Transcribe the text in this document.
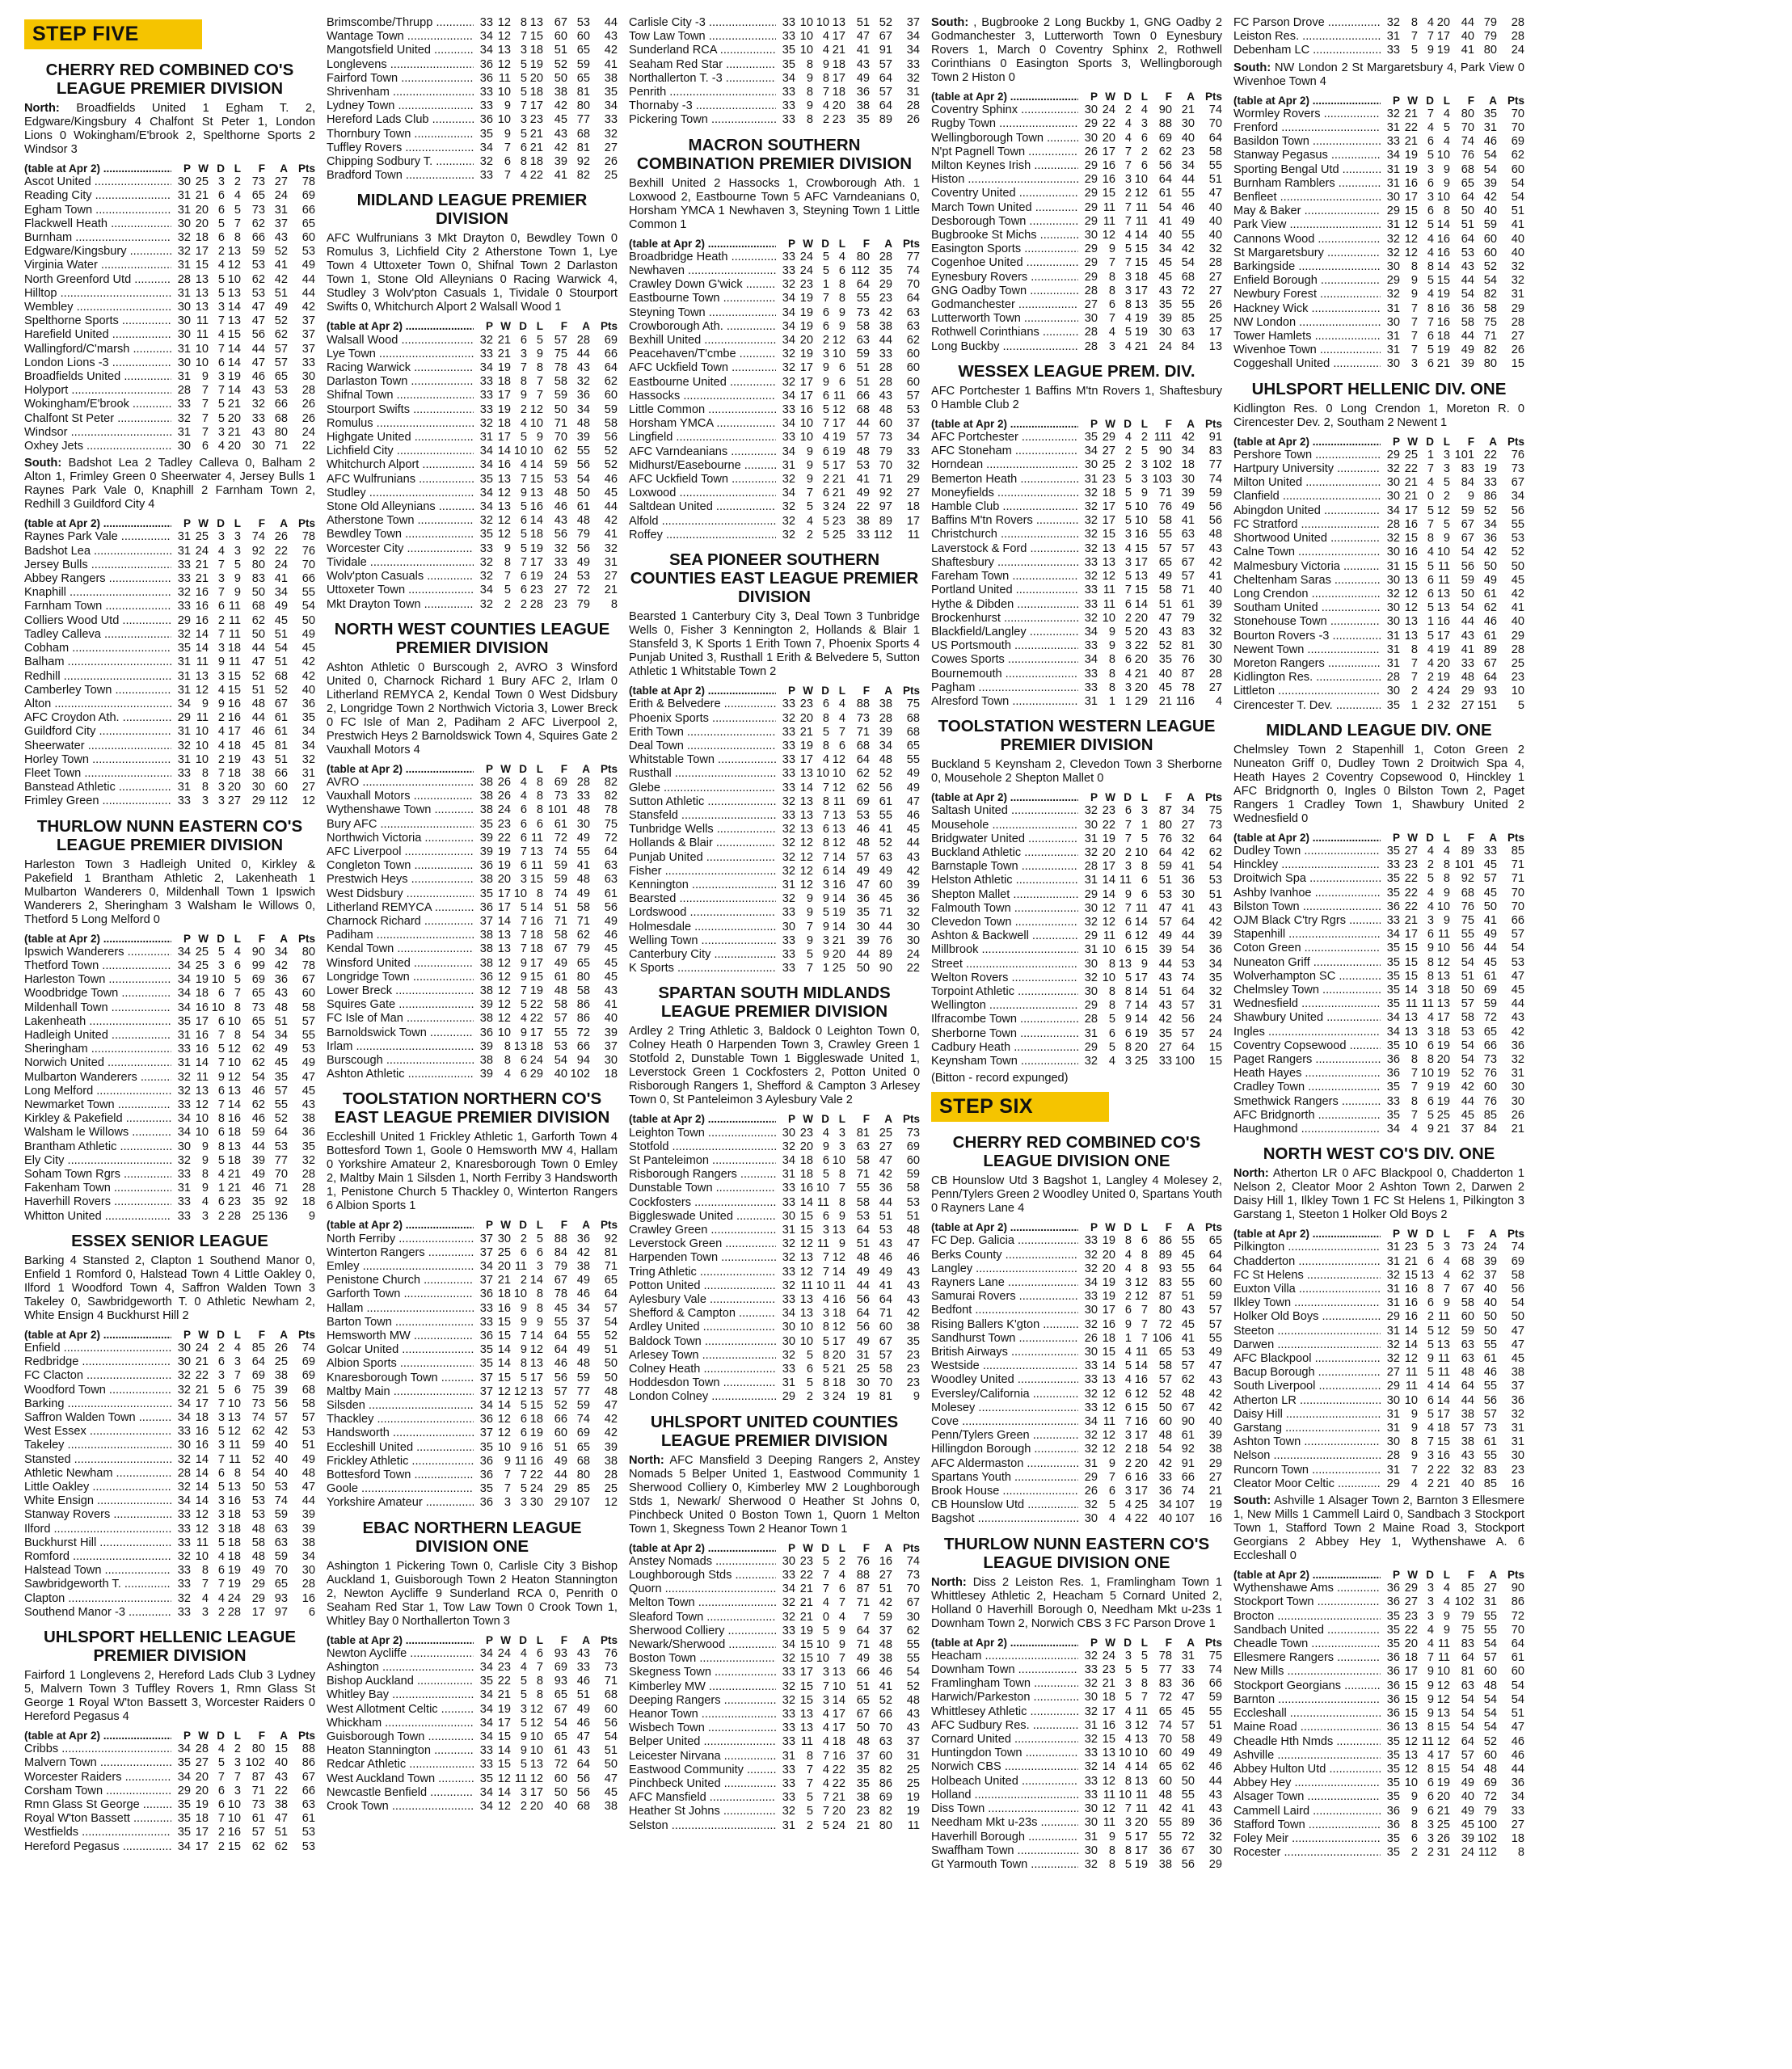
STEP FIVE
CHERRY RED COMBINED CO'S LEAGUE PREMIER DIVISION
North: Broadfields United 1 Egham T. 2, Edgware/Kingsbury 4 Chalfont St Peter 1, London Lions 0 Wokingham/E'brook 2, Spelthorne Sports 2 Windsor 3
(table at Apr 2) .....	P W D L	F	A Pts
Ascot United .....	30 25 3 2 73 27	78
Reading City .....	31 21 6 4 65 24	69
Egham Town .....	31 20 6 5 73 31	66
Flackwell Heath .....	30 20 5 7 62 37	65
Burnham .....	32 18 6 8 66 43	60
Edgware/Kingsbury .....	32 17 2 13 59 52	53
Virginia Water .....	31 15 4 12 53 41	49
North Greenford Utd .....	28 13 5 10 62 42	44
Hilltop .....	31 13 5 13 53 51	44
Wembley .....	30 13 3 14 47 49	42
Spelthorne Sports .....	30 11 7 13 47 52	37
Harefield United .....	30 11 4 15 56 62	37
Wallingford/C'marsh .....	31 10 7 14 44 57	37
London Lions -3 .....	30 10 6 14 47 57	33
Broadfields United .....	31 9 3 19 46 65	30
Holyport .....	28 7 7 14 43 53	28
Wokingham/E'brook .....	33 7 5 21 32 66	26
Chalfont St Peter .....	32 7 5 20 33 68	26
Windsor .....	31 7 3 21 43 80	24
Oxhey Jets .....	30 6 4 20 30 71	22
South: Badshot Lea 2 Tadley Calleva 0, Balham 2 Alton 1, Frimley Green 0 Sheerwater 4, Jersey Bulls 1 Raynes Park Vale 0, Knaphill 2 Farnham Town 2, Redhill 3 Guildford City 4
(table at Apr 2) .....	P W D L	F	A Pts
Raynes Park Vale .....	31 25 3 3 74 26	78
Badshot Lea .....	31 24 4 3 92 22	76
Jersey Bulls .....	33 21 7 5 80 24	70
Abbey Rangers .....	33 21 3 9 83 41	66
Knaphill .....	32 16 7 9 50 34	55
Farnham Town .....	33 16 6 11 68 49	54
Colliers Wood Utd .....	29 16 2 11 62 45	50
Tadley Calleva .....	32 14 7 11 50 51	49
Cobham .....	35 14 3 18 44 54	45
Balham .....	31 11 9 11 47 51	42
Redhill .....	31 13 3 15 52 68	42
Camberley Town .....	31 12 4 15 51 52	40
Alton .....	34 9 9 16 48 67	36
AFC Croydon Ath. .....	29 11 2 16 44 61	35
Guildford City .....	31 10 4 17 46 61	34
Sheerwater .....	32 10 4 18 45 81	34
Horley Town .....	31 10 2 19 43 51	32
Fleet Town .....	33 8 7 18 38 66	31
Banstead Athletic .....	31 8 3 20 30 60	27
Frimley Green .....	33 3 3 27 29 112	12
THURLOW NUNN EASTERN CO'S LEAGUE PREMIER DIVISION
Harleston Town 3 Hadleigh United 0, Kirkley & Pakefield 1 Brantham Athletic 2, Lakenheath 1 Mulbarton Wanderers 0, Mildenhall Town 1 Ipswich Wanderers 2, Sheringham 3 Walsham le Willows 0, Thetford 5 Long Melford 0
(table at Apr 2) .....	P W D L	F	A Pts
Ipswich Wanderers .....	34 25 5 4 90 34	80
Thetford Town .....	34 25 3 6 99 42	78
Harleston Town .....	34 19 10 5 69 36	67
Woodbridge Town .....	34 18 6 7 65 43	60
Mildenhall Town .....	34 16 10 8 73 48	58
Lakenheath .....	35 17 6 10 65 51	57
Hadleigh United .....	31 16 7 8 54 34	55
Sheringham .....	33 16 5 12 62 49	53
Norwich United .....	31 14 7 10 62 45	49
Mulbarton Wanderers .....	32 11 9 12 54 35	47
Long Melford .....	32 13 6 13 46 57	45
Newmarket Town .....	33 12 7 14 62 55	43
Kirkley & Pakefield .....	34 10 8 16 46 52	38
Walsham le Willows .....	34 10 6 18 59 64	36
Brantham Athletic .....	30 9 8 13 44 53	35
Ely City .....	32 9 5 18 39 77	32
Soham Town Rgrs .....	33 8 4 21 49 70	28
Fakenham Town .....	31 9 1 21 46 71	28
Haverhill Rovers .....	33 4 6 23 35 92	18
Whitton United .....	33 3 2 28 25 136	9
ESSEX SENIOR LEAGUE
Barking 4 Stansted 2, Clapton 1 Southend Manor 0, Enfield 1 Romford 0, Halstead Town 4 Little Oakley 0, Ilford 1 Woodford Town 4, Saffron Walden Town 3 Takeley 0, Sawbridgeworth T. 0 Athletic Newham 2, White Ensign 4 Buckhurst Hill 2
(table at Apr 2) .....	P W D L	F	A Pts
Enfield .....	30 24 2 4 85 26	74
Redbridge .....	30 21 6 3 64 25	69
FC Clacton .....	32 22 3 7 69 38	69
Woodford Town .....	32 21 5 6 75 39	68
Barking .....	34 17 7 10 73 56	58
Saffron Walden Town .....	34 18 3 13 74 57	57
West Essex .....	33 16 5 12 62 42	53
Takeley .....	30 16 3 11 59 40	51
Stansted .....	32 14 7 11 52 40	49
Athletic Newham .....	28 14 6 8 54 40	48
Little Oakley .....	32 14 5 13 50 53	47
White Ensign .....	34 14 3 16 53 74	44
Stanway Rovers .....	33 12 3 18 53 59	39
Ilford .....	33 12 3 18 48 63	39
Buckhurst Hill .....	33 11 5 18 58 63	38
Romford .....	32 10 4 18 48 59	34
Halstead Town .....	33 8 6 19 49 70	30
Sawbridgeworth T. .....	33 7 7 19 29 65	28
Clapton .....	32 4 4 24 29 93	16
Southend Manor -3 .....	33 3 2 28 17 97	6
UHLSPORT HELLENIC LEAGUE PREMIER DIVISION
Fairford 1 Longlevens 2, Hereford Lads Club 3 Lydney 5, Malvern Town 3 Tuffley Rovers 1, Rmn Glass St George 1 Royal W'ton Bassett 3, Worcester Raiders 0 Hereford Pegasus 4
(table at Apr 2) .....	P W D L	F	A Pts
Cribbs .....	34 28 4 2 80 15	88
Malvern Town .....	35 27 5 3 102 40	86
Worcester Raiders .....	34 20 7 7 87 43	67
Corsham Town .....	29 20 6 3 71 22	66
Rmn Glass St George .....	35 19 6 10 73 38	63
Royal W'ton Bassett .....	35 18 7 10 61 47	61
Westfields .....	35 17 2 16 57 51	53
Hereford Pegasus .....	34 17 2 15 62 62	53
Brimscombe/Thrupp .....	33 12 8 13 67 53	44
Wantage Town .....	34 12 7 15 60 60	43
Mangotsfield United .....	34 13 3 18 51 65	42
Longlevens .....	36 12 5 19 52 59	41
Fairford Town .....	36 11 5 20 50 65	38
Shrivenham .....	33 10 5 18 38 81	35
Lydney Town .....	33 9 7 17 42 80	34
Hereford Lads Club .....	36 10 3 23 45 77	33
Thornbury Town .....	35 9 5 21 43 68	32
Tuffley Rovers .....	34 7 6 21 42 81	27
Chipping Sodbury T. .....	32 6 8 18 39 92	26
Bradford Town .....	33 7 4 22 41 82	25
MIDLAND LEAGUE PREMIER DIVISION
AFC Wulfrunians 3 Mkt Drayton 0, Bewdley Town 0 Romulus 3, Lichfield City 2 Atherstone Town 1, Lye Town 4 Uttoxeter Town 0, Shifnal Town 2 Darlaston Town 1, Stone Old Alleynians 0 Racing Warwick 4, Studley 3 Wolv'pton Casuals 1, Tividale 0 Stourport Swifts 0, Whitchurch Alport 2 Walsall Wood 1
(table at Apr 2) .....	P W D L	F	A Pts
Walsall Wood .....	32 21 6 5 57 28	69
Lye Town .....	33 21 3 9 75 44	66
Racing Warwick .....	34 19 7 8 78 43	64
Darlaston Town .....	33 18 8 7 58 32	62
Shifnal Town .....	33 17 9 7 59 36	60
Stourport Swifts .....	33 19 2 12 50 34	59
Romulus .....	32 18 4 10 71 48	58
Highgate United .....	31 17 5 9 70 39	56
Lichfield City .....	34 14 10 10 62 55	52
Whitchurch Alport .....	34 16 4 14 59 56	52
AFC Wulfrunians .....	35 13 7 15 53 54	46
Studley .....	34 12 9 13 48 50	45
Stone Old Alleynians .....	34 13 5 16 46 61	44
Atherstone Town .....	32 12 6 14 43 48	42
Bewdley Town .....	35 12 5 18 56 79	41
Worcester City .....	33 9 5 19 32 56	32
Tividale .....	32 8 7 17 33 49	31
Wolv'pton Casuals .....	32 7 6 19 24 53	27
Uttoxeter Town .....	34 5 6 23 27 72	21
Mkt Drayton Town .....	32 2 2 28 23 79	8
NORTH WEST COUNTIES LEAGUE PREMIER DIVISION
Ashton Athletic 0 Burscough 2, AVRO 3 Winsford United 0, Charnock Richard 1 Bury AFC 2, Irlam 0 Litherland REMYCA 2, Kendal Town 0 West Didsbury 2, Longridge Town 2 Northwich Victoria 3, Lower Breck 0 FC Isle of Man 2, Padiham 2 AFC Liverpool 2, Prestwich Heys 2 Barnoldswick Town 4, Squires Gate 2 Vauxhall Motors 4
(table at Apr 2) .....	P W D L	F	A Pts
AVRO .....	38 26 4 8 69 28	82
Vauxhall Motors .....	38 26 4 8 73 33	82
Wythenshawe Town .....	38 24 6 8 101 48	78
Bury AFC .....	35 23 6 6 61 30	75
Northwich Victoria .....	39 22 6 11 72 49	72
AFC Liverpool .....	39 19 7 13 74 55	64
Congleton Town .....	36 19 6 11 59 41	63
Prestwich Heys .....	38 20 3 15 59 48	63
West Didsbury .....	35 17 10 8 74 49	61
Litherland REMYCA .....	36 17 5 14 51 58	56
Charnock Richard .....	37 14 7 16 71 71	49
Padiham .....	38 13 7 18 58 62	46
Kendal Town .....	38 13 7 18 67 79	45
Winsford United .....	38 12 9 17 49 65	45
Longridge Town .....	36 12 9 15 61 80	45
Lower Breck .....	38 12 7 19 48 58	43
Squires Gate .....	39 12 5 22 58 86	41
FC Isle of Man .....	38 12 4 22 57 86	40
Barnoldswick Town .....	36 10 9 17 55 72	39
Irlam .....	39 8 13 18 53 66	37
Burscough .....	38 8 6 24 54 94	30
Ashton Athletic .....	39 4 6 29 40 102	18
TOOLSTATION NORTHERN CO'S EAST LEAGUE PREMIER DIVISION
Eccleshill United 1 Frickley Athletic 1, Garforth Town 4 Bottesford Town 1, Goole 0 Hemsworth MW 4, Hallam 0 Yorkshire Amateur 2, Knaresborough Town 0 Emley 2, Maltby Main 1 Silsden 1, North Ferriby 3 Handsworth 1, Penistone Church 5 Thackley 0, Winterton Rangers 6 Albion Sports 1
(table at Apr 2) .....	P W D L	F	A Pts
North Ferriby .....	37 30 2 5 88 36	92
Winterton Rangers .....	37 25 6 6 84 42	81
Emley .....	34 20 11 3 79 38	71
Penistone Church .....	37 21 2 14 67 49	65
Garforth Town .....	36 18 10 8 78 46	64
Hallam .....	33 16 9 8 45 34	57
Barton Town .....	33 15 9 9 55 37	54
Hemsworth MW .....	36 15 7 14 64 55	52
Golcar United .....	35 14 9 12 64 49	51
Albion Sports .....	35 14 8 13 46 48	50
Knaresborough Town .....	37 15 5 17 56 59	50
Maltby Main .....	37 12 12 13 57 77	48
Silsden .....	34 14 5 15 52 59	47
Thackley .....	36 12 6 18 66 74	42
Handsworth .....	37 12 6 19 60 69	42
Eccleshill United .....	35 10 9 16 51 65	39
Frickley Athletic .....	36 9 11 16 49 68	38
Bottesford Town .....	36 7 7 22 44 80	28
Goole .....	35 7 5 24 29 85	25
Yorkshire Amateur .....	36 3 3 30 29 107	12
EBAC NORTHERN LEAGUE DIVISION ONE
Ashington 1 Pickering Town 0, Carlisle City 3 Bishop Auckland 1, Guisborough Town 2 Heaton Stannington 2, Newton Aycliffe 9 Sunderland RCA 0, Penrith 0 Seaham Red Star 1, Tow Law Town 0 Crook Town 1, Whitley Bay 0 Northallerton Town 3
(table at Apr 2) .....	P W D L	F	A Pts
Newton Aycliffe .....	34 24 4 6 93 43	76
Ashington .....	34 23 4 7 69 33	73
Bishop Auckland .....	35 22 5 8 93 46	71
Whitley Bay .....	34 21 5 8 65 51	68
West Allotment Celtic .....	34 19 3 12 67 49	60
Whickham .....	34 17 5 12 54 46	56
Guisborough Town .....	34 15 9 10 65 47	54
Heaton Stannington .....	33 14 9 10 61 43	51
Redcar Athletic .....	33 15 5 13 72 64	50
West Auckland Town .....	35 12 11 12 60 56	47
Newcastle Benfield .....	34 14 3 17 50 56	45
Crook Town .....	34 12 2 20 40 68	38
Carlisle City -3 .....	33 10 10 13 51 52	37
Tow Law Town .....	33 10 4 17 47 67	34
Sunderland RCA .....	35 10 4 21 41 91	34
Seaham Red Star .....	35 8 9 18 43 57	33
Northallerton T. -3 .....	34 9 8 17 49 64	32
Penrith .....	33 8 7 18 36 57	31
Thornaby -3 .....	33 9 4 20 38 64	28
Pickering Town .....	33 8 2 23 35 89	26
MACRON SOUTHERN COMBINATION PREMIER DIVISION
Bexhill United 2 Hassocks 1, Crowborough Ath. 1 Loxwood 2, Eastbourne Town 5 AFC Varndeanians 0, Horsham YMCA 1 Newhaven 3, Steyning Town 1 Little Common 1
(table at Apr 2) .....	P W D L	F	A Pts
Broadbridge Heath .....	33 24 5 4 80 28	77
Newhaven .....	33 24 5 6 112 35	74
Crawley Down G'wick .....	32 23 1 8 64 29	70
Eastbourne Town .....	34 19 7 8 55 23	64
Steyning Town .....	34 19 6 9 73 42	63
Crowborough Ath. .....	34 19 6 9 58 38	63
Bexhill United .....	34 20 2 12 63 44	62
Peacehaven/T'cmbe .....	32 19 3 10 59 33	60
AFC Uckfield Town .....	32 17 9 6 51 28	60
Eastbourne United .....	32 17 9 6 51 28	60
Hassocks .....	34 17 6 11 66 43	57
Little Common .....	33 16 5 12 68 48	53
Horsham YMCA .....	34 10 7 17 44 60	37
Lingfield .....	33 10 4 19 57 73	34
AFC Varndeanians .....	34 9 6 19 48 79	33
Midhurst/Easebourne .....	31 9 5 17 53 70	32
AFC Uckfield Town .....	32 9 2 21 41 71	29
Loxwood .....	34 7 6 21 49 92	27
Saltdean United .....	32 5 3 24 22 97	18
Alfold .....	32 4 5 23 38 89	17
Roffey .....	32 2 5 25 33 112	11
SEA PIONEER SOUTHERN COUNTIES EAST LEAGUE PREMIER DIVISION
Bearsted 1 Canterbury City 3, Deal Town 3 Tunbridge Wells 0, Fisher 3 Kennington 2, Hollands & Blair 1 Stansfeld 3, K Sports 1 Erith Town 7, Phoenix Sports 4 Punjab United 3, Rusthall 1 Erith & Belvedere 5, Sutton Athletic 1 Whitstable Town 2
(table at Apr 2) .....	P W D L	F	A Pts
Erith & Belvedere .....	33 23 6 4 88 38	75
Phoenix Sports .....	32 20 8 4 73 28	68
Erith Town .....	33 21 5 7 71 39	68
Deal Town .....	33 19 8 6 68 34	65
Whitstable Town .....	33 17 4 12 64 48	55
Rusthall .....	33 13 10 10 62 52	49
Glebe .....	33 14 7 12 62 56	49
Sutton Athletic .....	32 13 8 11 69 61	47
Stansfeld .....	33 13 7 13 53 55	46
Tunbridge Wells .....	32 13 6 13 46 41	45
Hollands & Blair .....	32 12 8 12 48 52	44
Punjab United .....	32 12 7 14 57 63	43
Fisher .....	32 12 6 14 49 49	42
Kennington .....	31 12 3 16 47 60	39
Bearsted .....	32 9 9 14 36 45	36
Lordswood .....	33 9 5 19 35 71	32
Holmesdale .....	30 7 9 14 30 44	30
Welling Town .....	33 9 3 21 39 76	30
Canterbury City .....	33 5 9 20 44 89	24
K Sports .....	33 7 1 25 50 90	22
SPARTAN SOUTH MIDLANDS LEAGUE PREMIER DIVISION
Ardley 2 Tring Athletic 3, Baldock 0 Leighton Town 0, Colney Heath 0 Harpenden Town 3, Crawley Green 1 Stotfold 2, Dunstable Town 1 Biggleswade United 1, Leverstock Green 1 Cockfosters 2, Potton United 0 Risborough Rangers 1, Shefford & Campton 3 Arlesey Town 0, St Panteleimon 3 Aylesbury Vale 2
(table at Apr 2) .....	P W D L	F	A Pts
Leighton Town .....	30 23 4 3 81 25	73
Stotfold .....	32 20 9 3 63 27	69
St Panteleimon .....	34 18 6 10 58 47	60
Risborough Rangers .....	31 18 5 8 71 42	59
Dunstable Town .....	33 16 10 7 55 36	58
Cockfosters .....	33 14 11 8 58 44	53
Biggleswade United .....	30 15 6 9 53 51	51
Crawley Green .....	31 15 3 13 64 53	48
Leverstock Green .....	32 12 11 9 51 43	47
Harpenden Town .....	32 13 7 12 48 46	46
Tring Athletic .....	33 12 7 14 49 49	43
Potton United .....	32 11 10 11 44 41	43
Aylesbury Vale .....	33 13 4 16 56 64	43
Shefford & Campton .....	34 13 3 18 64 71	42
Ardley United .....	30 10 8 12 56 60	38
Baldock Town .....	30 10 5 17 49 67	35
Arlesey Town .....	32 5 8 20 31 57	23
Colney Heath .....	33 6 5 21 25 58	23
Hoddesdon Town .....	31 5 8 18 30 70	23
London Colney .....	29 2 3 24 19 81	9
UHLSPORT UNITED COUNTIES LEAGUE PREMIER DIVISION
North: AFC Mansfield 3 Deeping Rangers 2, Anstey Nomads 5 Belper United 1, Eastwood Community 1 Sherwood Colliery 0, Kimberley MW 2 Loughborough Stds 1, Newark/ Sherwood 0 Heather St Johns 0, Pinchbeck United 0 Boston Town 1, Quorn 1 Melton Town 1, Skegness Town 2 Heanor Town 1
(table at Apr 2) .....	P W D L	F	A Pts
Anstey Nomads .....	30 23 5 2 76 16	74
Loughborough Stds .....	33 22 7 4 88 27	73
Quorn .....	34 21 7 6 87 51	70
Melton Town .....	32 21 4 7 71 42	67
Sleaford Town .....	32 21 0 4	7 59	30
Sherwood Colliery .....	33 19 5 9 64 37	62
Newark/Sherwood .....	34 15 10 9 71 48	55
Boston Town .....	32 15 10 7 49 38	55
Skegness Town .....	33 17 3 13 66 46	54
Kimberley MW .....	32 15 7 10 51 41	52
Deeping Rangers .....	32 15 3 14 65 52	48
Heanor Town .....	33 13 4 17 67 66	43
Wisbech Town .....	33 13 4 17 50 70	43
Belper United .....	33 11 4 18 48 63	37
Leicester Nirvana .....	31 8 7 16 37 60	31
Eastwood Community .....	33 7 4 22 35 82	25
Pinchbeck United .....	33 7 4 22 35 86	25
AFC Mansfield .....	33 5 7 21 38 69	19
Heather St Johns .....	32 5 7 20 23 82	19
Selston .....	31 2 5 24 21 80	11
South: , Bugbrooke 2 Long Buckby 1, GNG Oadby 2 Godmanchester 3, Lutterworth Town 0 Eynesbury Rovers 1, March 0 Coventry Sphinx 2, Rothwell Corinthians 0 Easington Sports 3, Wellingborough Town 2 Histon 0
(table at Apr 2) .....	P W D L	F	A Pts
Coventry Sphinx .....	30 24 2 4 90 21	74
Rugby Town .....	29 22 4 3 88 30	70
Wellingborough Town .....	30 20 4 6 69 40	64
N'pt Pagnell Town .....	26 17 7 2 62 23	58
Milton Keynes Irish .....	29 16 7 6 56 34	55
Histon .....	29 16 3 10 64 44	51
Coventry United .....	29 15 2 12 61 55	47
March Town United .....	29 11 7 11 54 46	40
Desborough Town .....	29 11 7 11 41 49	40
Bugbrooke St Michs .....	30 12 4 14 40 55	40
Easington Sports .....	29 9 5 15 34 42	32
Cogenhoe United .....	29 7 7 15 45 54	28
Eynesbury Rovers .....	29 8 3 18 45 68	27
GNG Oadby Town .....	28 8 3 17 43 72	27
Godmanchester .....	27 6 8 13 35 55	26
Lutterworth Town .....	30 7 4 19 39 85	25
Rothwell Corinthians .....	28 4 5 19 30 63	17
Long Buckby .....	28 3 4 21 24 84	13
WESSEX LEAGUE PREM. DIV.
AFC Portchester 1 Baffins M'tn Rovers 1, Shaftesbury 0 Hamble Club 2
(table at Apr 2) .....	P W D L	F	A Pts
AFC Portchester .....	35 29 4 2 111 42	91
AFC Stoneham .....	34 27 2 5 90 34	83
Horndean .....	30 25 2 3 102 18	77
Bemerton Heath .....	31 23 5 3 103 30	74
Moneyfields .....	32 18 5 9 71 39	59
Hamble Club .....	32 17 5 10 76 49	56
Baffins M'tn Rovers .....	32 17 5 10 58 41	56
Christchurch .....	32 15 3 16 55 63	48
Laverstock & Ford .....	32 13 4 15 57 57	43
Shaftesbury .....	33 13 3 17 65 67	42
Fareham Town .....	32 12 5 13 49 57	41
Portland United .....	33 11 7 15 58 71	40
Hythe & Dibden .....	33 11 6 14 51 61	39
Brockenhurst .....	32 10 2 20 47 79	32
Blackfield/Langley .....	34 9 5 20 43 83	32
US Portsmouth .....	33 9 3 22 52 81	30
Cowes Sports .....	34 8 6 20 35 76	30
Bournemouth .....	33 8 4 21 40 87	28
Pagham .....	33 8 3 20 45 78	27
Alresford Town .....	31 1 1 29 21 116	4
TOOLSTATION WESTERN LEAGUE PREMIER DIVISION
Buckland 5 Keynsham 2, Clevedon Town 3 Sherborne 0, Mousehole 2 Shepton Mallet 0
(table at Apr 2) .....	P W D L	F	A Pts
Saltash United .....	32 23 6 3 87 34	75
Mousehole .....	30 22 7 1 80 27	73
Bridgwater United .....	31 19 7 5 76 32	64
Buckland Athletic .....	32 20 2 10 64 42	62
Barnstaple Town .....	28 17 3 8 59 41	54
Helston Athletic .....	31 14 11 6 51 36	53
Shepton Mallet .....	29 14 9 6 53 30	51
Falmouth Town .....	30 12 7 11 47 41	43
Clevedon Town .....	32 12 6 14 57 64	42
Ashton & Backwell .....	29 11 6 12 49 44	39
Millbrook .....	31 10 6 15 39 54	36
Street .....	30 8 13 9 44 53	34
Welton Rovers .....	32 10 5 17 43 74	35
Torpoint Athletic .....	30 8 8 14 51 64	32
Wellington .....	29 8 7 14 43 57	31
Ilfracombe Town .....	28 5 9 14 42 56	24
Sherborne Town .....	31 6 6 19 35 57	24
Cadbury Heath .....	29 5 8 20 27 64	15
Keynsham Town .....	32 4 3 25 33 100	15
(Bitton - record expunged)
STEP SIX
CHERRY RED COMBINED CO'S LEAGUE DIVISION ONE
CB Hounslow Utd 3 Bagshot 1, Langley 4 Molesey 2, Penn/Tylers Green 2 Woodley United 0, Spartans Youth 0 Rayners Lane 4
(table at Apr 2) .....	P W D L	F	A Pts
FC Dep. Galicia .....	33 19 8 6 86 55	65
Berks County .....	32 20 4 8 89 45	64
Langley .....	32 20 4 8 93 55	64
Rayners Lane .....	34 19 3 12 83 55	60
Samurai Rovers .....	33 19 2 12 87 51	59
Bedfont .....	30 17 6 7 80 43	57
Rising Ballers K'gton .....	32 16 9 7 72 45	57
Sandhurst Town .....	26 18 1 7 106 41	55
British Airways .....	30 15 4 11 65 53	49
Westside .....	33 14 5 14 58 57	47
Woodley United .....	33 13 4 16 57 62	43
Eversley/California .....	32 12 6 12 52 48	42
Molesey .....	33 12 6 15 50 67	42
Cove .....	34 11 7 16 60 90	40
Penn/Tylers Green .....	32 12 3 17 48 61	39
Hillingdon Borough .....	32 12 2 18 54 92	38
AFC Aldermaston .....	31 9 2 20 42 91	29
Spartans Youth .....	29 7 6 16 33 66	27
Brook House .....	26 6 3 17 36 74	21
CB Hounslow Utd .....	32 5 4 25 34 107	19
Bagshot .....	30 4 4 22 40 107	16
THURLOW NUNN EASTERN CO'S LEAGUE DIVISION ONE
North: Diss 2 Leiston Res. 1, Framlingham Town 1 Whittlesey Athletic 2, Heacham 5 Cornard United 2, Holland 0 Haverhill Borough 0, Needham Mkt u-23s 1 Downham Town 2, Norwich CBS 3 FC Parson Drove 1
(table at Apr 2) .....	P W D L	F	A Pts
Heacham .....	32 24 3 5 78 31	75
Downham Town .....	33 23 5 5 77 33	74
Framlingham Town .....	32 21 3 8 83 36	66
Harwich/Parkeston .....	30 18 5 7 72 47	59
Whittlesey Athletic .....	32 17 4 11 65 45	55
AFC Sudbury Res. .....	31 16 3 12 74 57	51
Cornard United .....	32 15 4 13 70 58	49
Huntingdon Town .....	33 13 10 10 60 49	49
Norwich CBS .....	32 14 4 14 65 62	46
Holbeach United .....	33 12 8 13 60 50	44
Holland .....	33 11 10 11 48 55	43
Diss Town .....	30 12 7 11 42 41	43
Needham Mkt u-23s .....	30 11 3 20 55 89	36
Haverhill Borough .....	31 9 5 17 55 72	32
Swaffham Town .....	30 8 8 17 36 67	30
Gt Yarmouth Town .....	32 8 5 19 38 56	29
FC Parson Drove .....	32 8 4 20 44 79	28
Leiston Res. .....	31 7 7 17 40 79	28
Debenham LC .....	33 5 9 19 41 80	24
South: NW London 2 St Margaretsbury 4, Park View 0 Wivenhoe Town 4
(table at Apr 2) .....	P W D L	F	A Pts
Wormley Rovers .....	32 21 7 4 80 35	70
Frenford .....	31 22 4 5 70 31	70
Basildon Town .....	33 21 6 4 74 46	69
Stanway Pegasus .....	34 19 5 10 76 54	62
Sporting Bengal Utd .....	31 19 3 9 68 54	60
Burnham Ramblers .....	31 16 6 9 65 39	54
Benfleet .....	30 17 3 10 64 42	54
May & Baker .....	29 15 6 8 50 40	51
Park View .....	31 12 5 14 51 59	41
Cannons Wood .....	32 12 4 16 64 60	40
St Margaretsbury .....	32 12 4 16 53 60	40
Barkingside .....	30 8 8 14 43 52	32
Enfield Borough .....	29 9 5 15 44 54	32
Newbury Forest .....	32 9 4 19 54 82	31
Hackney Wick .....	31 7 8 16 36 58	29
NW London .....	30 7 7 16 58 75	28
Tower Hamlets .....	31 7 6 18 44 71	27
Wivenhoe Town .....	31 7 5 19 49 82	26
Coggeshall United .....	30 3 6 21 39 80	15
UHLSPORT HELLENIC DIV. ONE
Kidlington Res. 0 Long Crendon 1, Moreton R. 0 Cirencester Dev. 2, Southam 2 Newent 1
(table at Apr 2) .....	P W D L	F	A Pts
Pershore Town .....	29 25 1 3 101 22	76
Hartpury University .....	32 22 7 3 83 19	73
Milton United .....	30 21 4 5 84 33	67
Clanfield .....	30 21 0 2	9 86	34
Abingdon United .....	34 17 5 12 59 52	56
FC Stratford .....	28 16 7 5 67 34	55
Shortwood United .....	32 15 8 9 67 36	53
Calne Town .....	30 16 4 10 54 42	52
Malmesbury Victoria .....	31 15 5 11 56 50	50
Cheltenham Saras .....	30 13 6 11 59 49	45
Long Crendon .....	32 12 6 13 50 61	42
Southam United .....	30 12 5 13 54 62	41
Stonehouse Town .....	30 13 1 16 44 46	40
Bourton Rovers -3 .....	31 13 5 17 43 61	29
Newent Town .....	31 8 4 19 41 89	28
Moreton Rangers .....	31 7 4 20 33 67	25
Kidlington Res. .....	28 7 2 19 48 64	23
Littleton .....	30 2 4 24 29 93	10
Cirencester T. Dev. .....	35 1 2 32 27 151	5
MIDLAND LEAGUE DIV. ONE
Chelmsley Town 2 Stapenhill 1, Coton Green 2 Nuneaton Griff 0, Dudley Town 2 Droitwich Spa 4, Heath Hayes 2 Coventry Copsewood 0, Hinckley 1 AFC Bridgnorth 0, Ingles 0 Bilston Town 2, Paget Rangers 1 Cradley Town 1, Shawbury United 2 Wednesfield 0
(table at Apr 2) .....	P W D L	F	A Pts
Dudley Town .....	35 27 4 4 89 33	85
Hinckley .....	33 23 2 8 101 45	71
Droitwich Spa .....	35 22 5 8 92 57	71
Ashby Ivanhoe .....	35 22 4 9 68 45	70
Bilston Town .....	36 22 4 10 76 50	70
OJM Black C'try Rgrs .....	33 21 3 9 75 41	66
Stapenhill .....	34 17 6 11 55 49	57
Coton Green .....	35 15 9 10 56 44	54
Nuneaton Griff .....	35 15 8 12 54 45	53
Wolverhampton SC .....	35 15 8 13 51 61	47
Chelmsley Town .....	35 14 3 18 50 69	45
Wednesfield .....	35 11 11 13 57 59	44
Shawbury United .....	34 13 4 17 58 72	43
Ingles .....	34 13 3 18 53 65	42
Coventry Copsewood .....	35 10 6 19 54 66	36
Paget Rangers .....	36 8 8 20 54 73	32
Heath Hayes .....	36 7 10 19 52 76	31
Cradley Town .....	35 7 9 19 42 60	30
Smethwick Rangers .....	33 8 6 19 44 76	30
AFC Bridgnorth .....	35 7 5 25 45 85	26
Haughmond .....	34 4 9 21 37 84	21
NORTH WEST CO'S DIV. ONE
North: Atherton LR 0 AFC Blackpool 0, Chadderton 1 Nelson 2, Cleator Moor 2 Ashton Town 2, Darwen 2 Daisy Hill 1, Ilkley Town 1 FC St Helens 1, Pilkington 3 Garstang 1, Steeton 1 Holker Old Boys 2
(table at Apr 2) .....	P W D L	F	A Pts
Pilkington .....	31 23 5 3 73 24	74
Chadderton .....	31 21 6 4 68 39	69
FC St Helens .....	32 15 13 4 62 37	58
Euxton Villa .....	31 16 8 7 67 40	56
Ilkley Town .....	31 16 6 9 58 40	54
Holker Old Boys .....	29 16 2 11 60 50	50
Steeton .....	31 14 5 12 59 50	47
Darwen .....	32 14 5 13 63 55	47
AFC Blackpool .....	32 12 9 11 63 61	45
Bacup Borough .....	27 11 5 11 48 46	38
South Liverpool .....	29 11 4 14 64 55	37
Atherton LR .....	30 10 6 14 44 56	36
Daisy Hill .....	31 9 5 17 38 57	32
Garstang .....	31 9 4 18 57 73	31
Ashton Town .....	30 8 7 15 38 61	31
Nelson .....	28 9 3 16 43 55	30
Runcorn Town .....	31 7 2 22 32 83	23
Cleator Moor Celtic .....	29 4 2 21 40 85	16
South: Ashville 1 Alsager Town 2, Barnton 3 Ellesmere 1, New Mills 1 Cammell Laird 0, Sandbach 3 Stockport Town 1, Stafford Town 2 Maine Road 3, Stockport Georgians 2 Abbey Hey 1, Wythenshawe A. 6 Eccleshall 0
(table at Apr 2) .....	P W D L	F	A Pts
Wythenshawe Ams .....	36 29 3 4 85 27	90
Stockport Town .....	36 27 3 4 102 31	86
Brocton .....	35 23 3 9 79 55	72
Sandbach United .....	35 22 4 9 75 55	70
Cheadle Town .....	35 20 4 11 83 54	64
Ellesmere Rangers .....	36 18 7 11 64 57	61
New Mills .....	36 17 9 10 81 60	60
Stockport Georgians .....	36 15 9 12 63 48	54
Barnton .....	36 15 9 12 54 54	54
Eccleshall .....	36 15 9 13 54 54	51
Maine Road .....	36 13 8 15 54 54	47
Cheadle Hth Nmds .....	35 12 11 12 64 52	46
Ashville .....	35 13 4 17 57 60	46
Abbey Hulton Utd .....	35 12 8 15 54 48	44
Abbey Hey .....	35 10 6 19 49 69	36
Alsager Town .....	35 9 6 20 40 72	34
Cammell Laird .....	36 9 6 21 49 79	33
Stafford Town .....	36 8 3 25 45 100	27
Foley Meir .....	35 6 3 26 39 102	18
Rocester .....	35 2 2 31 24 112	8
